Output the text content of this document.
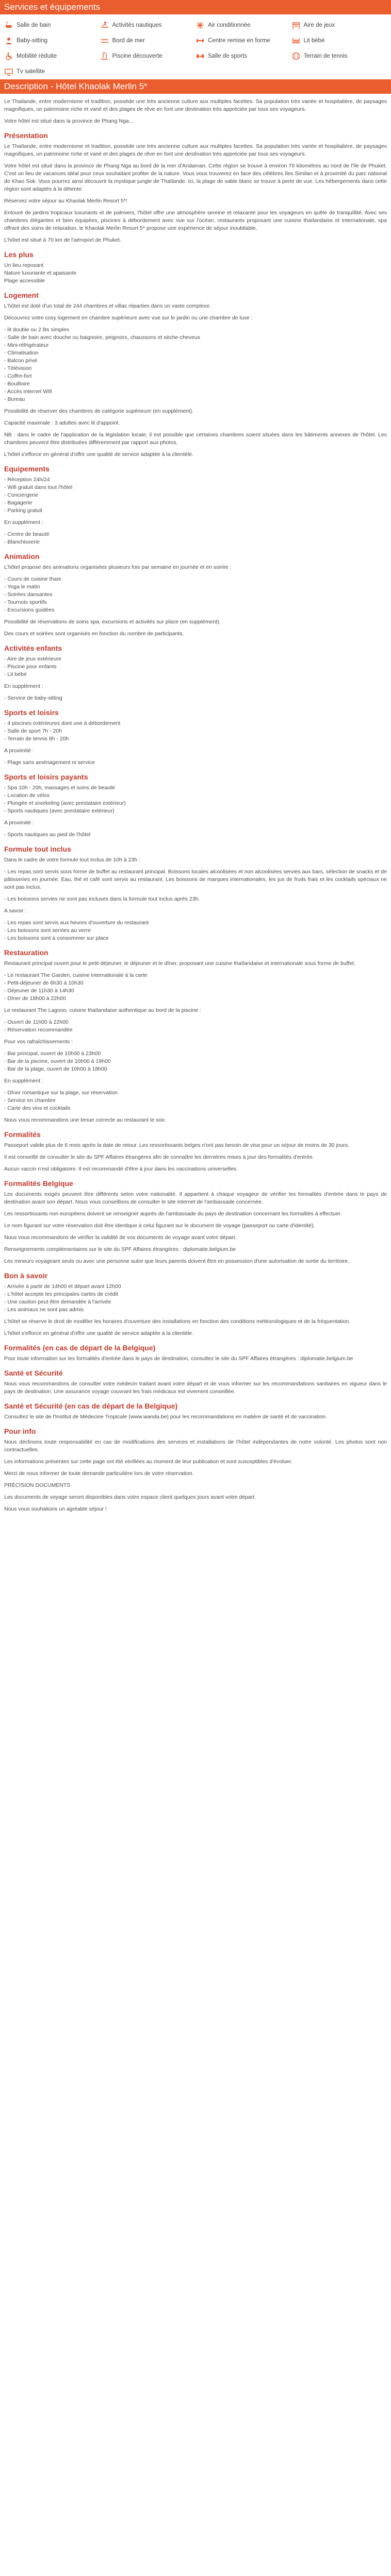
Services et équipements
Salle de bain	Activités nautiques	Air conditionnée	Aire de jeux
Baby-sitting	Bord de mer	Centre remise en forme	Lit bébé
Mobilité réduite	Piscine découverte	Salle de sports	Terrain de tennis
Tv satellite
Description - Hôtel Khaolak Merlin 5*

Le Thailande, entre modernisme et tradition, possède une très ancienne culture aux multiples facettes. Sa population très variée et hospitalière, de paysages magnifiques, un patrimoine riche et varié et des plages de rêve en font une destination très appréciée par tous ses voyageurs.

Votre hôtel est situé dans la province de Phang Nga...

Présentation

Le Thaïlande, entre modernisme et tradition, possède une très ancienne culture aux multiples facettes. Sa population très variée et hospitalière, de paysages magnifiques, un patrimoine riche et varié et des plages de rêve en font une destination très appréciée par tous ses voyageurs.

Votre hôtel est situé dans la province de Phang Nga au bord de la mer d'Andaman. Cette région se trouve à environ 70 kilomètres au nord de l'île de Phuket. C'est un lieu de vacances idéal pour ceux souhaitant profiter de la nature. Vous vous trouverez en face des célèbres îles Similan et à proximité du parc national de Khao Sok. Vous pourrez ainsi découvrir la mystique jungle de Thaïlande. Ici, la plage de sable blanc se trouve à perte de vue. Les hébergements dans cette région sont adaptés à la détente.

Réservez votre séjour au Khaolak Merlin Resort 5*!

Entouré de jardins tropicaux luxuriants et de palmiers, l'hôtel offre une atmosphère sereine et relaxante pour les voyageurs en quête de tranquillité. Avec ses chambres élégantes et bien équipées, piscines à débordement avec vue sur l'océan, restaurants proposant une cuisine thaïlandaise et internationale, spa offrant des soins de relaxation, le Khaolak Merlin Resort 5* propose une expérience de séjour inoubliable.

L'hôtel est situé à 70 km de l'aéroport de Phuket.

Les plus
Un lieu reposant
Nature luxuriante et apaisante
Plage accessible
Logement

L'hôtel est doté d'un total de 244 chambres et villas réparties dans un vaste complexe.

Découvrez votre cosy logement en chambre supérieure avec vue sur le jardin ou une chambre de luxe :

- lit double ou 2 lits simples
- Salle de bain avec douche ou baignoire, peignoirs, chaussons et sèche-cheveux
- Mini-réfrigérateur
- Climatisation
- Balcon privé
- Télévision
- Coffre-fort
- Bouilloire
- Accès internet Wifi
- Bureau

Possibilité de réserver des chambres de catégorie supérieure (en supplément).

Capacité maximale : 3 adultes avec lit d'appoint.

NB : dans le cadre de l'application de la législation locale, il est possible que certaines chambres soient situées dans les bâtiments annexes de l'hôtel. Les chambres peuvent être distribuées différemment par rapport aux photos.

L'hôtel s'efforce en général d'offrir une qualité de service adaptée à la clientèle.

Equipements
- Réception 24h/24
- Wifi gratuit dans tout l'hôtel
- Conciergerie
- Bagagerie
- Parking gratuit

En supplément :

- Centre de beauté
- Blanchisserie
Animation

L'hôtel propose des animations organisées plusieurs fois par semaine en journée et en soirée :

- Cours de cuisine thaïe
- Yoga le matin
- Soirées dansantes
- Tournois sportifs
- Excursions guidées

Possibilité de réservations de soins spa, excursions et activités sur place (en supplément).

Des cours et soirées sont organisés en fonction du nombre de participants.

Activités enfants
- Aire de jeux extérieure
- Piscine pour enfants
- Lit bébé

En supplément :

- Service de baby-sitting
Sports et loisirs
- 4 piscines extérieures dont une à débordement
- Salle de sport 7h - 20h
- Terrain de tennis 8h - 20h

A proximité :

- Plage sans aménagement ni service
Sports et loisirs payants
- Spa 10h - 20h, massages et soins de beauté
- Location de vélos
- Plongée et snorkeling (avec prestataire extérieur)
- Sports nautiques (avec prestataire extérieur)

A proximité :

- Sports nautiques au pied de l'hôtel
Formule tout inclus

Dans le cadre de votre formule tout inclus de 10h à 23h :

- Les repas sont servis sous forme de buffet au restaurant principal. Boissons locales alcoolisées et non alcoolisées servies aux bars, sélection de snacks et de pâtisseries en journée. Eau, thé et café sont servis au restaurant. Les boissons de marques internationales, les jus de fruits frais et les cocktails spéciaux ne sont pas inclus.

- Les boissons servies ne sont pas incluses dans la formule tout inclus après 23h.

A savoir :

- Les repas sont servis aux heures d'ouverture du restaurant
- Les boissons sont servies au verre
- Les boissons sont à consommer sur place
Restauration

Restaurant principal ouvert pour le petit-déjeuner, le déjeuner et le dîner, proposant une cuisine thaïlandaise et internationale sous forme de buffet.

- Le restaurant The Garden, cuisine internationale à la carte
- Petit-déjeuner de 6h30 à 10h30
- Déjeuner de 11h30 à 14h30
- Dîner de 18h00 à 22h00

Le restaurant The Lagoon, cuisine thaïlandaise authentique au bord de la piscine :

- Ouvert de 11h00 à 22h00
- Réservation recommandée

Pour vos rafraîchissements :

- Bar principal, ouvert de 10h00 à 23h00
- Bar de la piscine, ouvert de 10h00 à 19h00
- Bar de la plage, ouvert de 10h00 à 18h00

En supplément :

- Dîner romantique sur la plage, sur réservation
- Service en chambre
- Carte des vins et cocktails

Nous vous recommandons une tenue correcte au restaurant le soir.

Formalités

Passeport valide plus de 6 mois après la date de retour. Les ressortissants belges n'ont pas besoin de visa pour un séjour de moins de 30 jours.

Il est conseillé de consulter le site du SPF Affaires étrangères afin de connaître les dernières mises à jour des formalités d'entrée.

Aucun vaccin n'est obligatoire. Il est recommandé d'être à jour dans les vaccinations universelles.

Formalités Belgique

Les documents exigés peuvent être différents selon votre nationalité. Il appartient à chaque voyageur de vérifier les formalités d'entrée dans le pays de destination avant son départ. Nous vous conseillons de consulter le site internet de l'ambassade concernée.

Les ressortissants non européens doivent se renseigner auprès de l'ambassade du pays de destination concernant les formalités à effectuer.

Le nom figurant sur votre réservation doit être identique à celui figurant sur le document de voyage (passeport ou carte d'identité).

Nous vous recommandons de vérifier la validité de vos documents de voyage avant votre départ.

Renseignements complémentaires sur le site du SPF Affaires étrangères : diplomatie.belgium.be

Les mineurs voyageant seuls ou avec une personne autre que leurs parents doivent être en possession d'une autorisation de sortie du territoire.

Bon à savoir
- Arrivée à partir de 14h00 et départ avant 12h00
- L'hôtel accepte les principales cartes de crédit
- Une caution peut être demandée à l'arrivée
- Les animaux ne sont pas admis

L'hôtel se réserve le droit de modifier les horaires d'ouverture des installations en fonction des conditions météorologiques et de la fréquentation.

L'hôtel s'efforce en général d'offrir une qualité de service adaptée à la clientèle.

Formalités (en cas de départ de la Belgique)

Pour toute information sur les formalités d'entrée dans le pays de destination, consultez le site du SPF Affaires étrangères : diplomatie.belgium.be

Santé et Sécurité

Nous vous recommandons de consulter votre médecin traitant avant votre départ et de vous informer sur les recommandations sanitaires en vigueur dans le pays de destination. Une assurance voyage couvrant les frais médicaux est vivement conseillée.

Santé et Sécurité (en cas de départ de la Belgique)

Consultez le site de l'Institut de Médecine Tropicale (www.wanda.be) pour les recommandations en matière de santé et de vaccination.

Pour info

Nous déclinons toute responsabilité en cas de modifications des services et installations de l'hôtel indépendantes de notre volonté. Les photos sont non contractuelles.

Les informations présentes sur cette page ont été vérifiées au moment de leur publication et sont susceptibles d'évoluer.

Merci de nous informer de toute demande particulière lors de votre réservation.

PRÉCISION DOCUMENTS

Les documents de voyage seront disponibles dans votre espace client quelques jours avant votre départ.

Nous vous souhaitons un agréable séjour !
